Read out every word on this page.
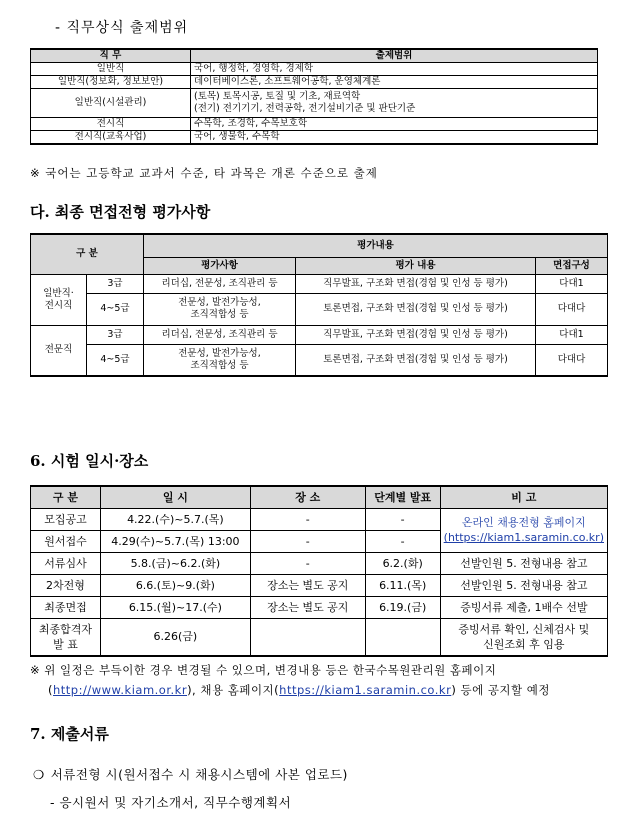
- 직무상식 출제범위
직 무	출제범위
일반직	국어, 행정학, 경영학, 경제학
일반직(정보화, 정보보안)	데이터베이스론, 소프트웨어공학, 운영체계론
일반직(시설관리)	(토목) 토목시공, 토질 및 기초, 재료역학
(전기) 전기기기, 전력공학, 전기설비기준 및 판단기준

전시직	수목학, 조경학, 수목보호학
전시직(교육사업)	국어, 생물학, 수목학
※ 국어는 고등학교 교과서 수준, 타 과목은 개론 수준으로 출제
다. 최종 면접전형 평가사항
구 분		평가내용		
		평가사항	평가 내용	면접구성
일반직·
전시직	3급	리더십, 전문성, 조직관리 등	직무발표, 구조화 면접(경험 및 인성 등 평가)	다대1
	4~5급	전문성, 발전가능성,
조직적합성 등	토론면접, 구조화 면접(경험 및 인성 등 평가)	다대다
전문직	3급	리더십, 전문성, 조직관리 등	직무발표, 구조화 면접(경험 및 인성 등 평가)	다대1
	4~5급	전문성, 발전가능성,
조직적합성 등	토론면접, 구조화 면접(경험 및 인성 등 평가)	다대다
6. 시험 일시·장소
구 분	일 시	장 소	단계별 발표	비 고
모집공고	4.22.(수)~5.7.(목)	-	-	온라인 채용전형 홈페이지
(https://kiam1.saramin.co.kr)

원서접수	4.29(수)~5.7.(목) 13:00	-	-	
서류심사	5.8.(금)~6.2.(화)	-	6.2.(화)	선발인원 5. 전형내용 참고
2차전형	6.6.(토)~9.(화)	장소는 별도 공지	6.11.(목)	선발인원 5. 전형내용 참고
최종면접	6.15.(월)~17.(수)	장소는 별도 공지	6.19.(금)	증빙서류 제출, 1배수 선발
최종합격자
발 표	6.26(금)			증빙서류 확인, 신체검사 및
신원조회 후 임용
※ 위 일정은 부득이한 경우 변경될 수 있으며, 변경내용 등은 한국수목원관리원 홈페이지
(http://www.kiam.or.kr), 채용 홈페이지(https://kiam1.saramin.co.kr) 등에 공지할 예정
7. 제출서류
❍ 서류전형 시(원서접수 시 채용시스템에 사본 업로드)
- 응시원서 및 자기소개서, 직무수행계획서
